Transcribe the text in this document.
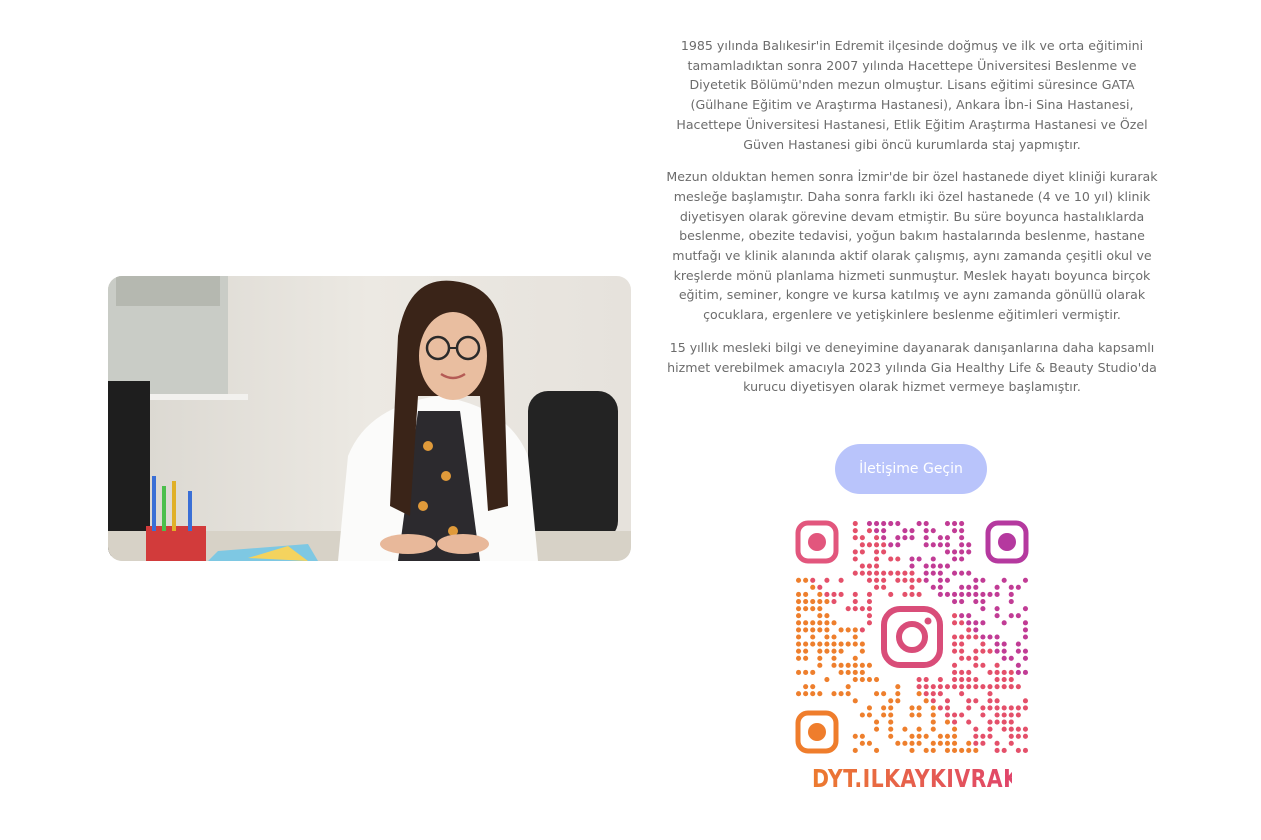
1985 yılında Balıkesir'in Edremit ilçesinde doğmuş ve ilk ve orta eğitimini tamamladıktan sonra 2007 yılında Hacettepe Üniversitesi Beslenme ve Diyetetik Bölümü'nden mezun olmuştur. Lisans eğitimi süresince GATA (Gülhane Eğitim ve Araştırma Hastanesi), Ankara İbn-i Sina Hastanesi, Hacettepe Üniversitesi Hastanesi, Etlik Eğitim Araştırma Hastanesi ve Özel Güven Hastanesi gibi öncü kurumlarda staj yapmıştır.

Mezun olduktan hemen sonra İzmir'de bir özel hastanede diyet kliniği kurarak mesleğe başlamıştır. Daha sonra farklı iki özel hastanede (4 ve 10 yıl) klinik diyetisyen olarak görevine devam etmiştir. Bu süre boyunca hastalıklarda beslenme, obezite tedavisi, yoğun bakım hastalarında beslenme, hastane mutfağı ve klinik alanında aktif olarak çalışmış, aynı zamanda çeşitli okul ve kreşlerde mönü planlama hizmeti sunmuştur. Meslek hayatı boyunca birçok eğitim, seminer, kongre ve kursa katılmış ve aynı zamanda gönüllü olarak çocuklara, ergenlere ve yetişkinlere beslenme eğitimleri vermiştir.

15 yıllık mesleki bilgi ve deneyimine dayanarak danışanlarına daha kapsamlı hizmet verebilmek amacıyla 2023 yılında Gia Healthy Life & Beauty Studio'da kurucu diyetisyen olarak hizmet vermeye başlamıştır.

İletişime Geçin
DYT.ILKAYKIVRAK
